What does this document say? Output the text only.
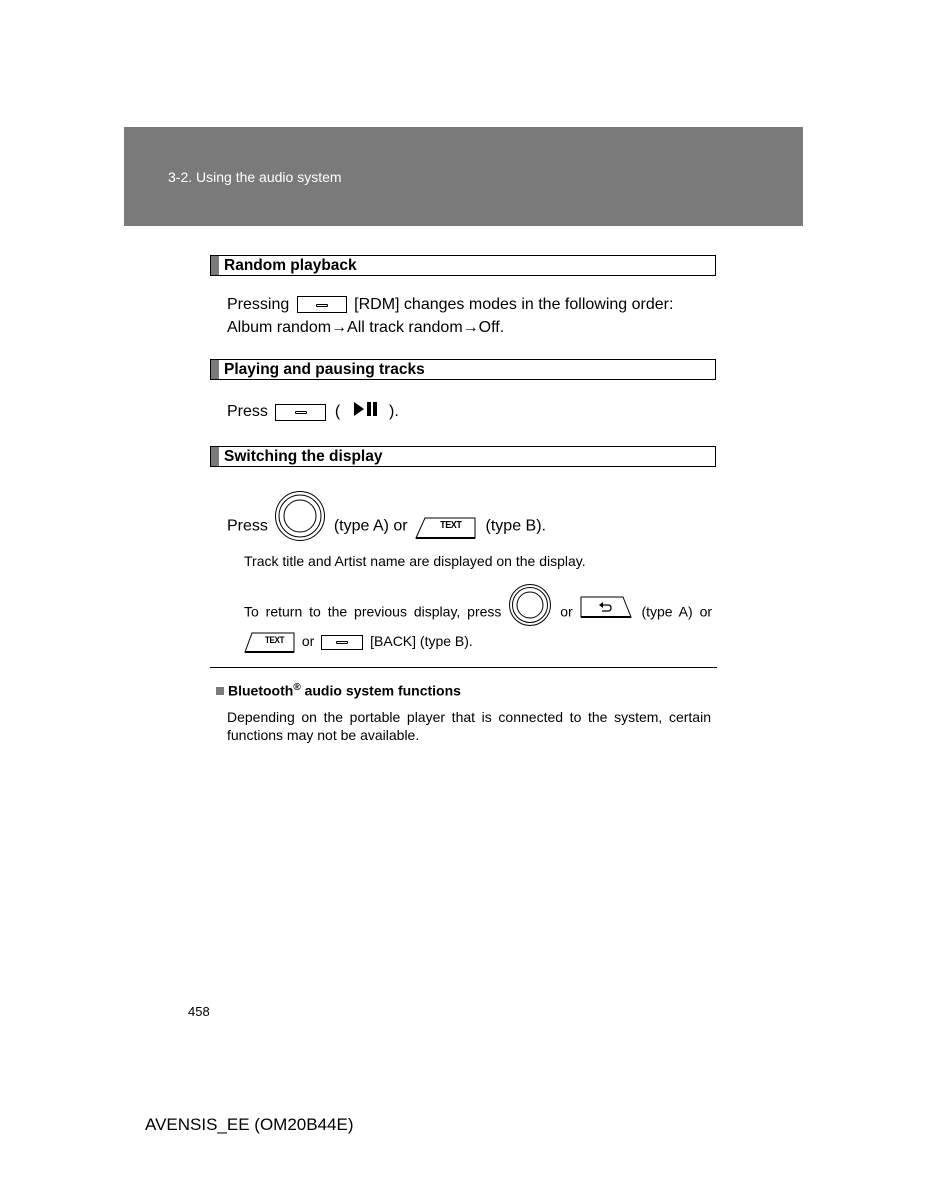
3-2. Using the audio system
Random playback
Pressing	[RDM] changes modes in the following order:
Album random→All track random→Off.
Playing and pausing tracks
Press	(	).
Switching the display
Press	(type A) or	TEXT (type B).
Track title and Artist name are displayed on the display.
To return to the previous display, press	or	(type A) or
TEXT or	[BACK] (type B).
Bluetooth® audio system functions
Depending on the portable player that is connected to the system, certain functions may not be available.
458
AVENSIS_EE (OM20B44E)
